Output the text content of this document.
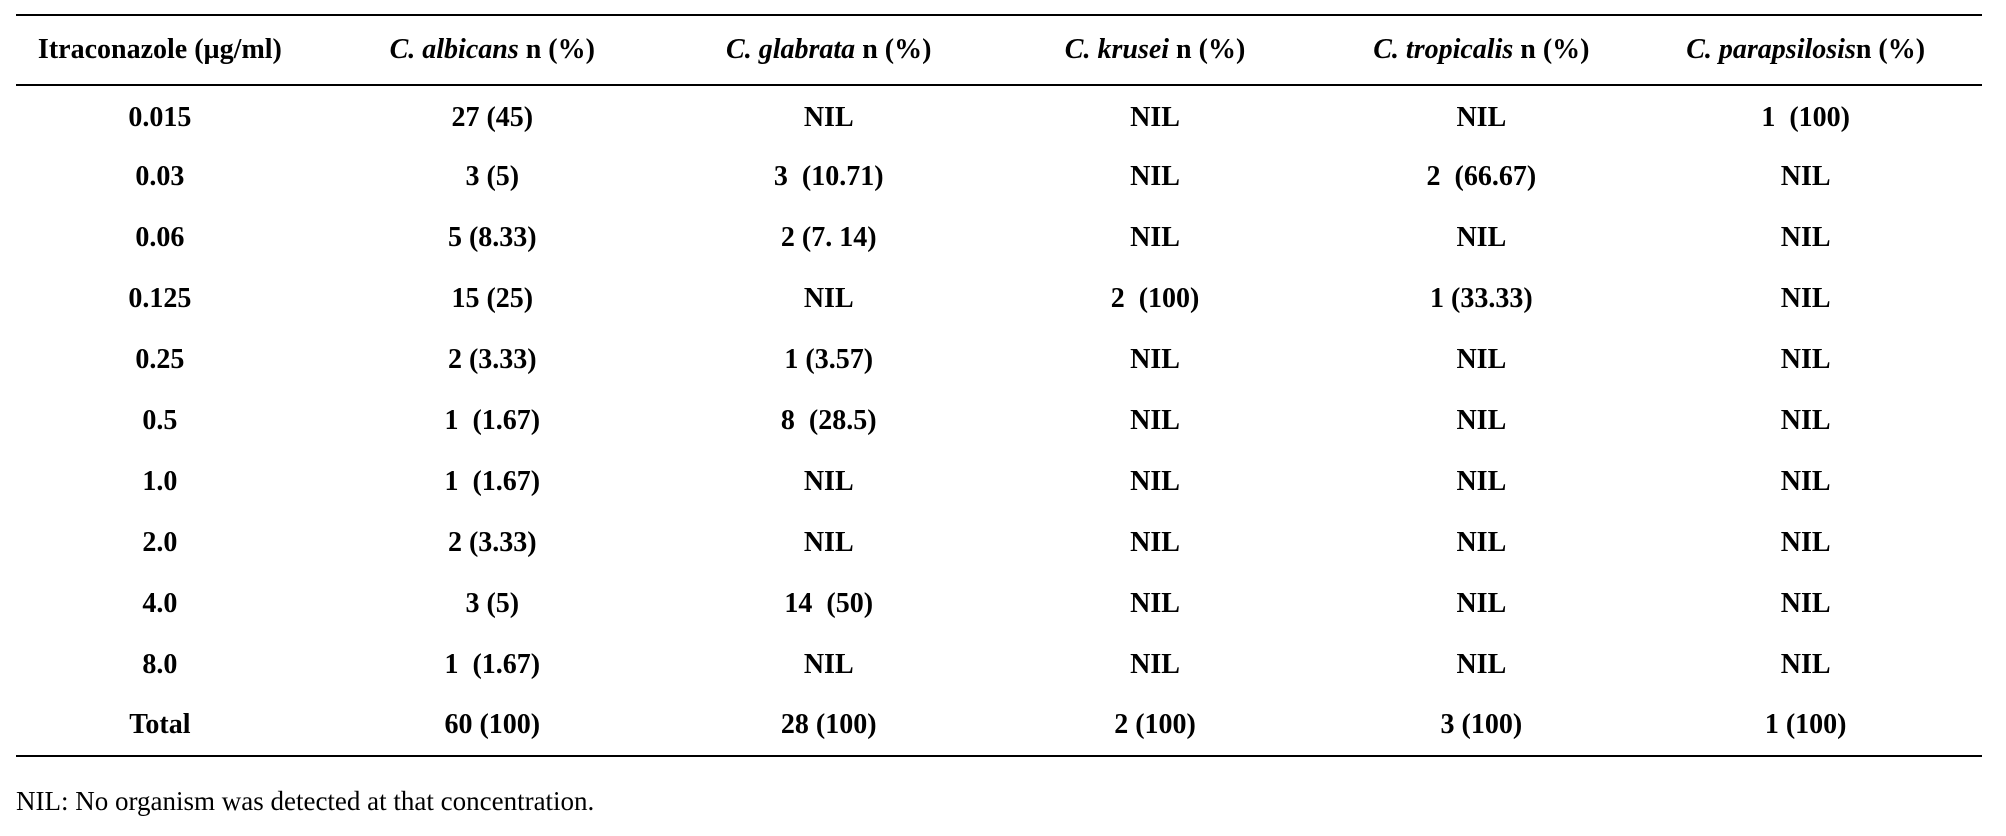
Itraconazole (µg/ml)	C. albicans n (%)	C. glabrata n (%)	C. krusei n (%)	C. tropicalis n (%)	C. parapsilosisn (%)
0.015	27 (45)	NIL	NIL	NIL	1  (100)
0.03	3 (5)	3  (10.71)	NIL	2  (66.67)	NIL
0.06	5 (8.33)	2 (7. 14)	NIL	NIL	NIL
0.125	15 (25)	NIL	2  (100)	1 (33.33)	NIL
0.25	2 (3.33)	1 (3.57)	NIL	NIL	NIL
0.5	1  (1.67)	8  (28.5)	NIL	NIL	NIL
1.0	1  (1.67)	NIL	NIL	NIL	NIL
2.0	2 (3.33)	NIL	NIL	NIL	NIL
4.0	3 (5)	14  (50)	NIL	NIL	NIL
8.0	1  (1.67)	NIL	NIL	NIL	NIL
Total	60 (100)	28 (100)	2 (100)	3 (100)	1 (100)
NIL: No organism was detected at that concentration.
